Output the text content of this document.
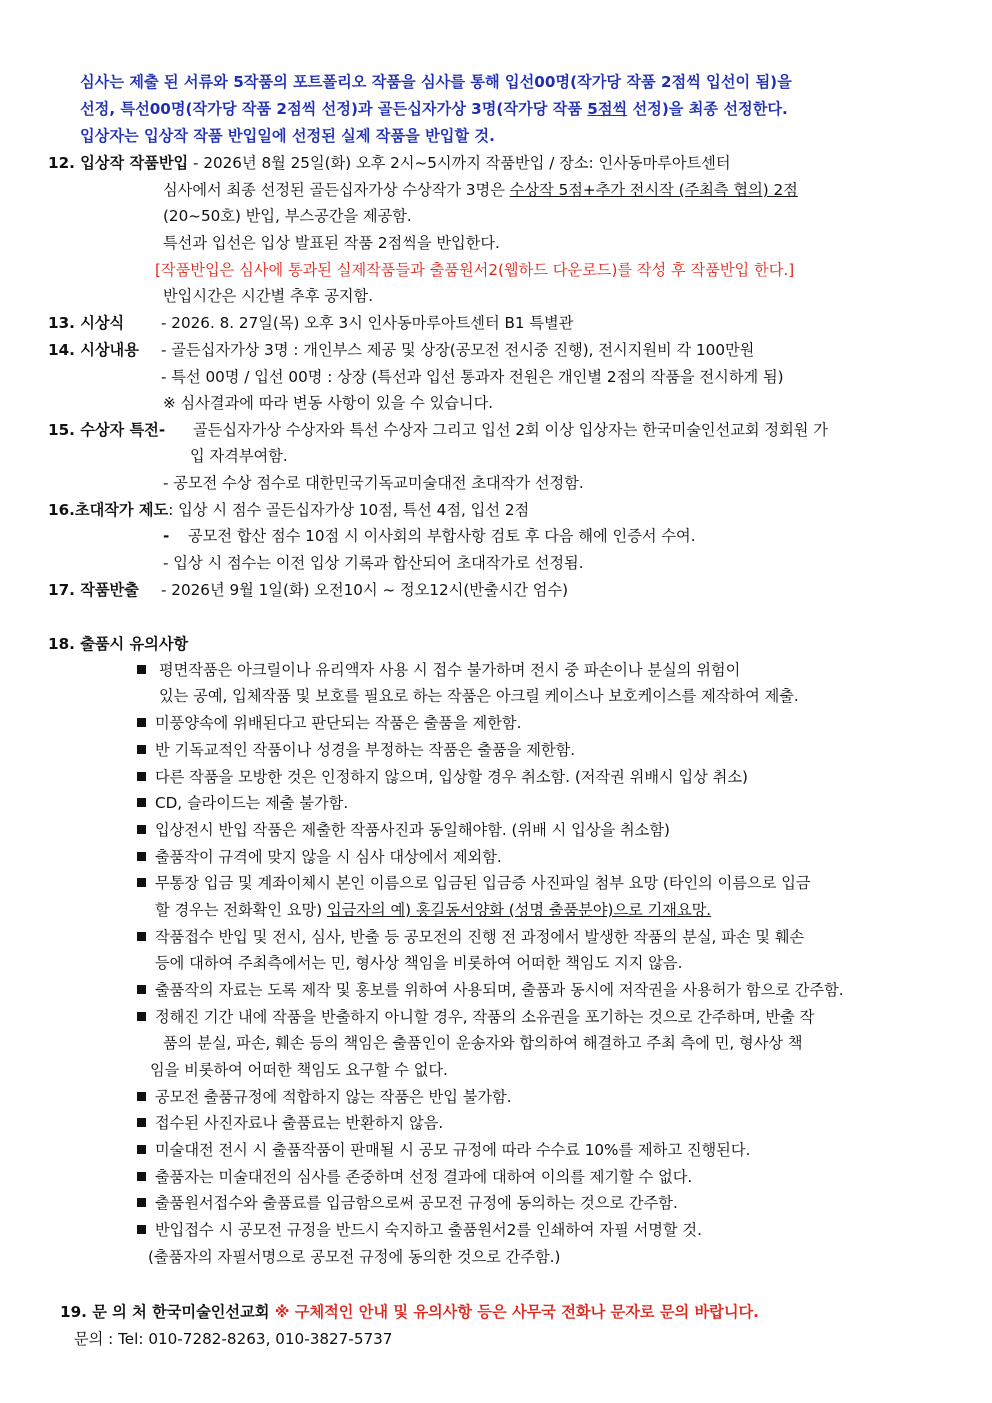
심사는 제출 된 서류와 5작품의 포트폴리오 작품을 심사를 통해 입선00명(작가당 작품 2점씩 입선이 됨)을
선정, 특선00명(작가당 작품 2점씩 선정)과 골든십자가상 3명(작가당 작품 5점씩 선정)을 최종 선정한다.
입상자는 입상작 작품 반입일에 선정된 실제 작품을 반입할 것.
12. 입상작 작품반입 - 2026년 8월 25일(화) 오후 2시~5시까지 작품반입 / 장소: 인사동마루아트센터
심사에서 최종 선정된 골든십자가상 수상작가 3명은 수상작 5점+추가 전시작 (주최측 협의) 2점
(20~50호) 반입, 부스공간을 제공함.
특선과 입선은 입상 발표된 작품 2점씩을 반입한다.
[작품반입은 심사에 통과된 실제작품들과 출품원서2(웹하드 다운로드)를 작성 후 작품반입 한다.]
반입시간은 시간별 추후 공지함.
13. 시상식 - 2026. 8. 27일(목) 오후 3시 인사동마루아트센터 B1 특별관
14. 시상내용 - 골든십자가상 3명 : 개인부스 제공 및 상장(공모전 전시중 진행), 전시지원비 각 100만원
- 특선 00명 / 입선 00명 : 상장 (특선과 입선 통과자 전원은 개인별 2점의 작품을 전시하게 됨)
※ 심사결과에 따라 변동 사항이 있을 수 있습니다.
15. 수상자 특전- 골든십자가상 수상자와 특선 수상자 그리고 입선 2회 이상 입상자는 한국미술인선교회 정회원 가
입 자격부여함.
- 공모전 수상 점수로 대한민국기독교미술대전 초대작가 선정함.
16.초대작가 제도: 입상 시 점수 골든십자가상 10점, 특선 4점, 입선 2점
- 공모전 합산 점수 10점 시 이사회의 부합사항 검토 후 다음 해에 인증서 수여.
- 입상 시 점수는 이전 입상 기록과 합산되어 초대작가로 선정됨.
17. 작품반출 - 2026년 9월 1일(화) 오전10시 ~ 정오12시(반출시간 엄수)
18. 출품시 유의사항
평면작품은 아크릴이나 유리액자 사용 시 접수 불가하며 전시 중 파손이나 분실의 위험이
있는 공예, 입체작품 및 보호를 필요로 하는 작품은 아크릴 케이스나 보호케이스를 제작하여 제출.
미풍양속에 위배된다고 판단되는 작품은 출품을 제한함.
반 기독교적인 작품이나 성경을 부정하는 작품은 출품을 제한함.
다른 작품을 모방한 것은 인정하지 않으며, 입상할 경우 취소함. (저작권 위배시 입상 취소)
CD, 슬라이드는 제출 불가함.
입상전시 반입 작품은 제출한 작품사진과 동일해야함. (위배 시 입상을 취소함)
출품작이 규격에 맞지 않을 시 심사 대상에서 제외함.
무통장 입금 및 계좌이체시 본인 이름으로 입금된 입금증 사진파일 첨부 요망 (타인의 이름으로 입금
할 경우는 전화확인 요망) 입금자의 예) 홍길동서양화 (성명 출품분야)으로 기재요망.
작품접수 반입 및 전시, 심사, 반출 등 공모전의 진행 전 과정에서 발생한 작품의 분실, 파손 및 훼손
등에 대하여 주최측에서는 민, 형사상 책임을 비롯하여 어떠한 책임도 지지 않음.
출품작의 자료는 도록 제작 및 홍보를 위하여 사용되며, 출품과 동시에 저작권을 사용허가 함으로 간주함.
정해진 기간 내에 작품을 반출하지 아니할 경우, 작품의 소유권을 포기하는 것으로 간주하며, 반출 작
품의 분실, 파손, 훼손 등의 책임은 출품인이 운송자와 합의하여 해결하고 주최 측에 민, 형사상 책
임을 비롯하여 어떠한 책임도 요구할 수 없다.
공모전 출품규정에 적합하지 않는 작품은 반입 불가함.
접수된 사진자료나 출품료는 반환하지 않음.
미술대전 전시 시 출품작품이 판매될 시 공모 규정에 따라 수수료 10%를 제하고 진행된다.
출품자는 미술대전의 심사를 존중하며 선정 결과에 대하여 이의를 제기할 수 없다.
출품원서접수와 출품료를 입금함으로써 공모전 규정에 동의하는 것으로 간주함.
반입접수 시 공모전 규정을 반드시 숙지하고 출품원서2를 인쇄하여 자필 서명할 것.
(출품자의 자필서명으로 공모전 규정에 동의한 것으로 간주함.)
19. 문 의 처 한국미술인선교회 ※ 구체적인 안내 및 유의사항 등은 사무국 전화나 문자로 문의 바랍니다.
문의 : Tel: 010-7282-8263, 010-3827-5737
